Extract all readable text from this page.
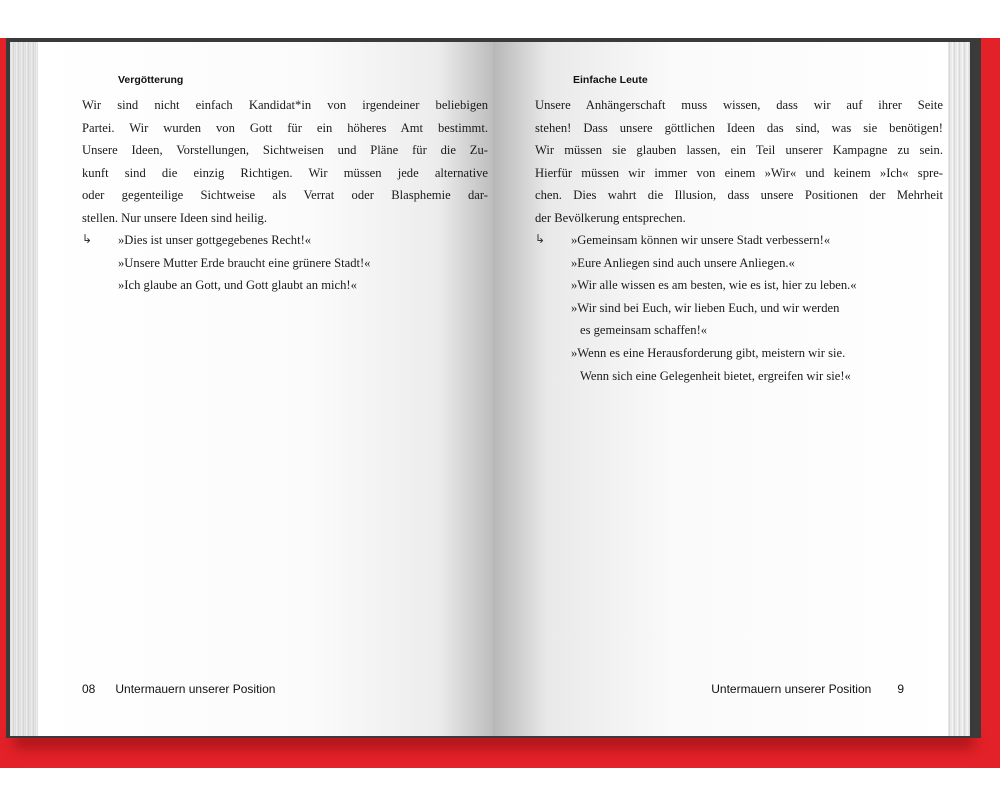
Vergötterung
Wir sind nicht einfach Kandidat*in von irgendeiner beliebigen
Partei. Wir wurden von Gott für ein höheres Amt bestimmt.
Unsere Ideen, Vorstellungen, Sichtweisen und Pläne für die Zu-
kunft sind die einzig Richtigen. Wir müssen jede alternative
oder gegenteilige Sichtweise als Verrat oder Blasphemie dar-
stellen. Nur unsere Ideen sind heilig.
↳ »Dies ist unser gottgegebenes Recht!«
»Unsere Mutter Erde braucht eine grünere Stadt!«
»Ich glaube an Gott, und Gott glaubt an mich!«
08 Untermauern unserer Position
Einfache Leute
Unsere Anhängerschaft muss wissen, dass wir auf ihrer Seite
stehen! Dass unsere göttlichen Ideen das sind, was sie benötigen!
Wir müssen sie glauben lassen, ein Teil unserer Kampagne zu sein.
Hierfür müssen wir immer von einem »Wir« und keinem »Ich« spre-
chen. Dies wahrt die Illusion, dass unsere Positionen der Mehrheit
der Bevölkerung entsprechen.
↳ »Gemeinsam können wir unsere Stadt verbessern!«
»Eure Anliegen sind auch unsere Anliegen.«
»Wir alle wissen es am besten, wie es ist, hier zu leben.«
»Wir sind bei Euch, wir lieben Euch, und wir werden
es gemeinsam schaffen!«
»Wenn es eine Herausforderung gibt, meistern wir sie.
Wenn sich eine Gelegenheit bietet, ergreifen wir sie!«
Untermauern unserer Position 9
